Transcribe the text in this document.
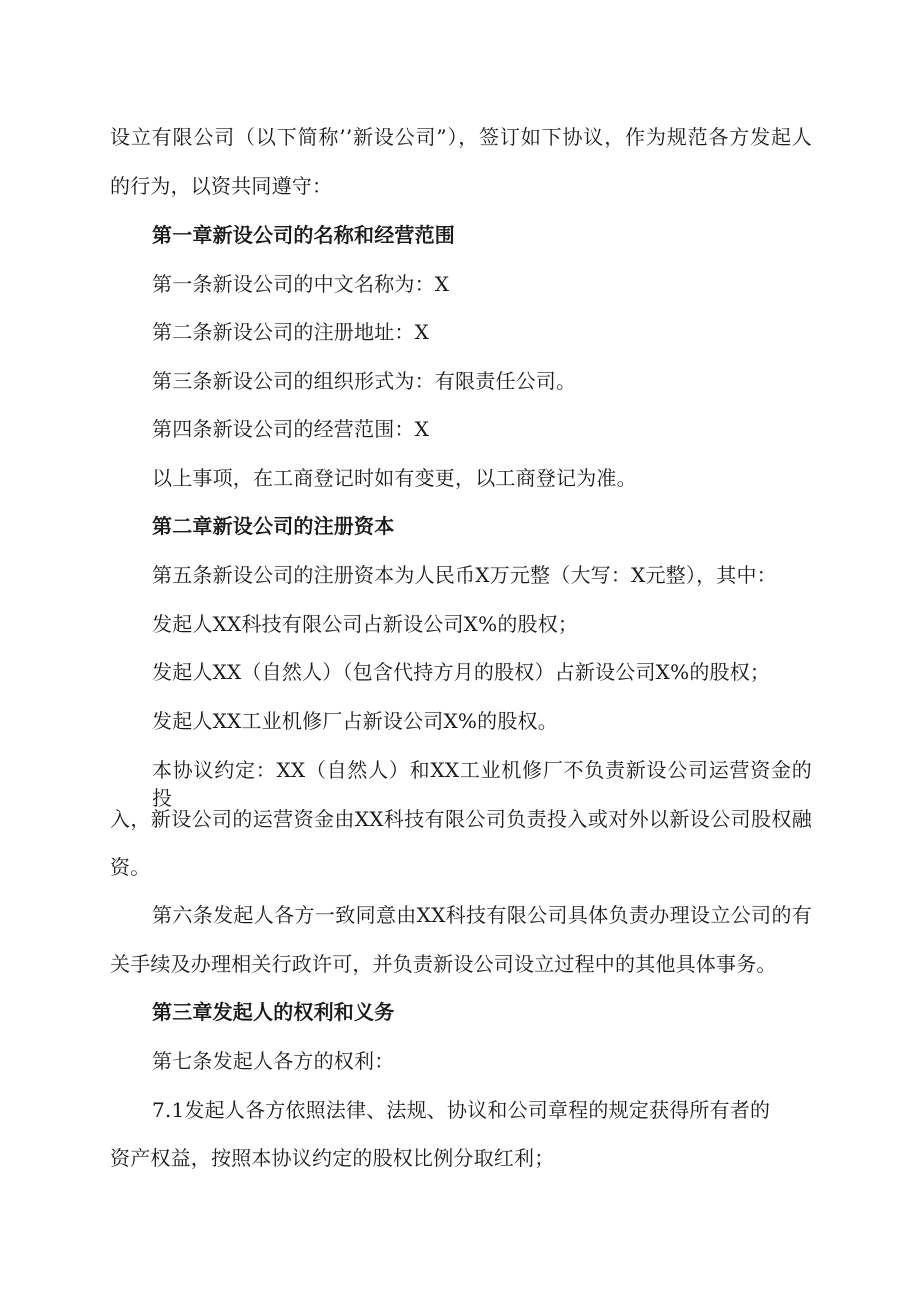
设立有限公司（以下简称’’新设公司”），签订如下协议，作为规范各方发起人
的行为，以资共同遵守：
第一章新设公司的名称和经营范围
第一条新设公司的中文名称为：X
第二条新设公司的注册地址：X
第三条新设公司的组织形式为：有限责任公司。
第四条新设公司的经营范围：X
以上事项，在工商登记时如有变更，以工商登记为准。
第二章新设公司的注册资本
第五条新设公司的注册资本为人民币X万元整（大写：X元整），其中：
发起人XX科技有限公司占新设公司X%的股权；
发起人XX（自然人）（包含代持方月的股权）占新设公司X%的股权；
发起人XX工业机修厂占新设公司X%的股权。
本协议约定：XX（自然人）和XX工业机修厂不负责新设公司运营资金的投
入，新设公司的运营资金由XX科技有限公司负责投入或对外以新设公司股权融
资。
第六条发起人各方一致同意由XX科技有限公司具体负责办理设立公司的有
关手续及办理相关行政许可，并负责新设公司设立过程中的其他具体事务。
第三章发起人的权利和义务
第七条发起人各方的权利：
7.1发起人各方依照法律、法规、协议和公司章程的规定获得所有者的
资产权益，按照本协议约定的股权比例分取红利；
